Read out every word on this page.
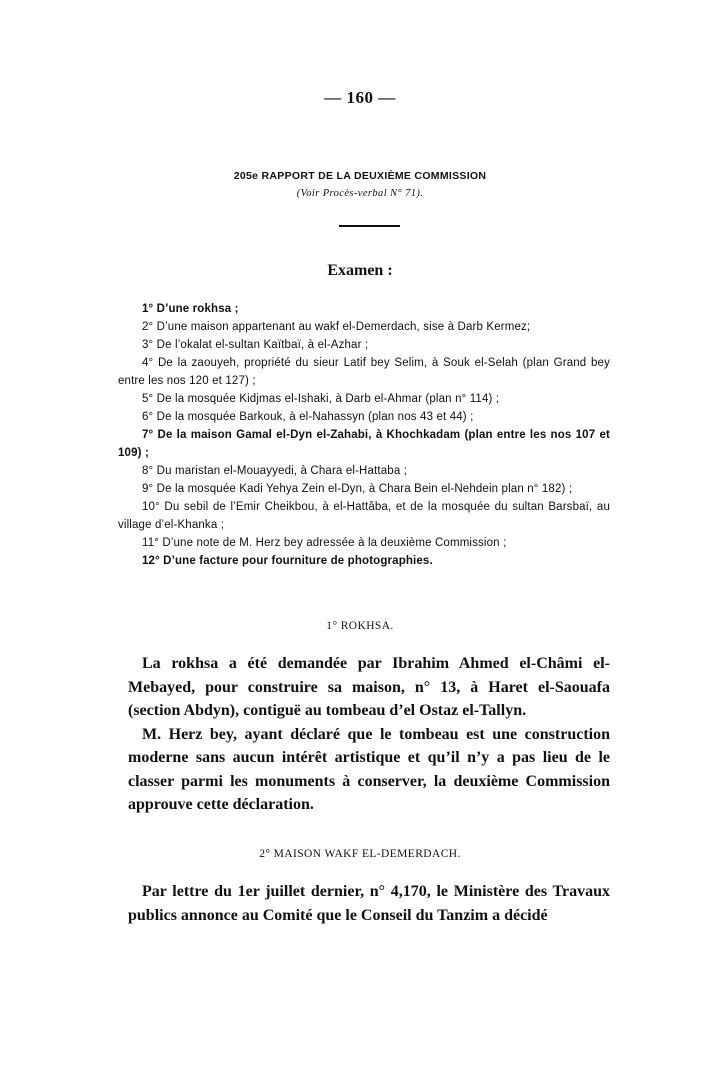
— 160 —
205e RAPPORT DE LA DEUXIÈME COMMISSION
(Voir Procès-verbal N° 71).
Examen :
1° D’une rokhsa ;
2° D’une maison appartenant au wakf el-Demerdach, sise à Darb Kermez;
3° De l’okalat el-sultan Kaïtbaï, à el-Azhar ;
4° De la zaouyeh, propriété du sieur Latif bey Selim, à Souk el-Selah (plan Grand bey entre les nos 120 et 127) ;
5° De la mosquée Kidjmas el-Ishaki, à Darb el-Ahmar (plan n° 114) ;
6° De la mosquée Barkouk, à el-Nahassyn (plan nos 43 et 44) ;
7° De la maison Gamal el-Dyn el-Zahabi, à Khochkadam (plan entre les nos 107 et 109) ;
8° Du maristan el-Mouayyedi, à Chara el-Hattaba ;
9° De la mosquée Kadi Yehya Zein el-Dyn, à Chara Bein el-Nehdein plan n° 182) ;
10° Du sebil de l’Emir Cheikbou, à el-Hattâba, et de la mosquée du sultan Barsbaï, au village d’el-Khanka ;
11° D’une note de M. Herz bey adressée à la deuxième Commission ;
12° D’une facture pour fourniture de photographies.
1° ROKHSA.

La rokhsa a été demandée par Ibrahim Ahmed el-Châmi el-Mebayed, pour construire sa maison, n° 13, à Haret el-Saouafa (section Abdyn), contiguë au tombeau d’el Ostaz el-Tallyn.

M. Herz bey, ayant déclaré que le tombeau est une construction moderne sans aucun intérêt artistique et qu’il n’y a pas lieu de le classer parmi les monuments à conserver, la deuxième Commission approuve cette déclaration.

2° MAISON WAKF EL-DEMERDACH.

Par lettre du 1er juillet dernier, n° 4,170, le Ministère des Travaux publics annonce au Comité que le Conseil du Tanzim a décidé
